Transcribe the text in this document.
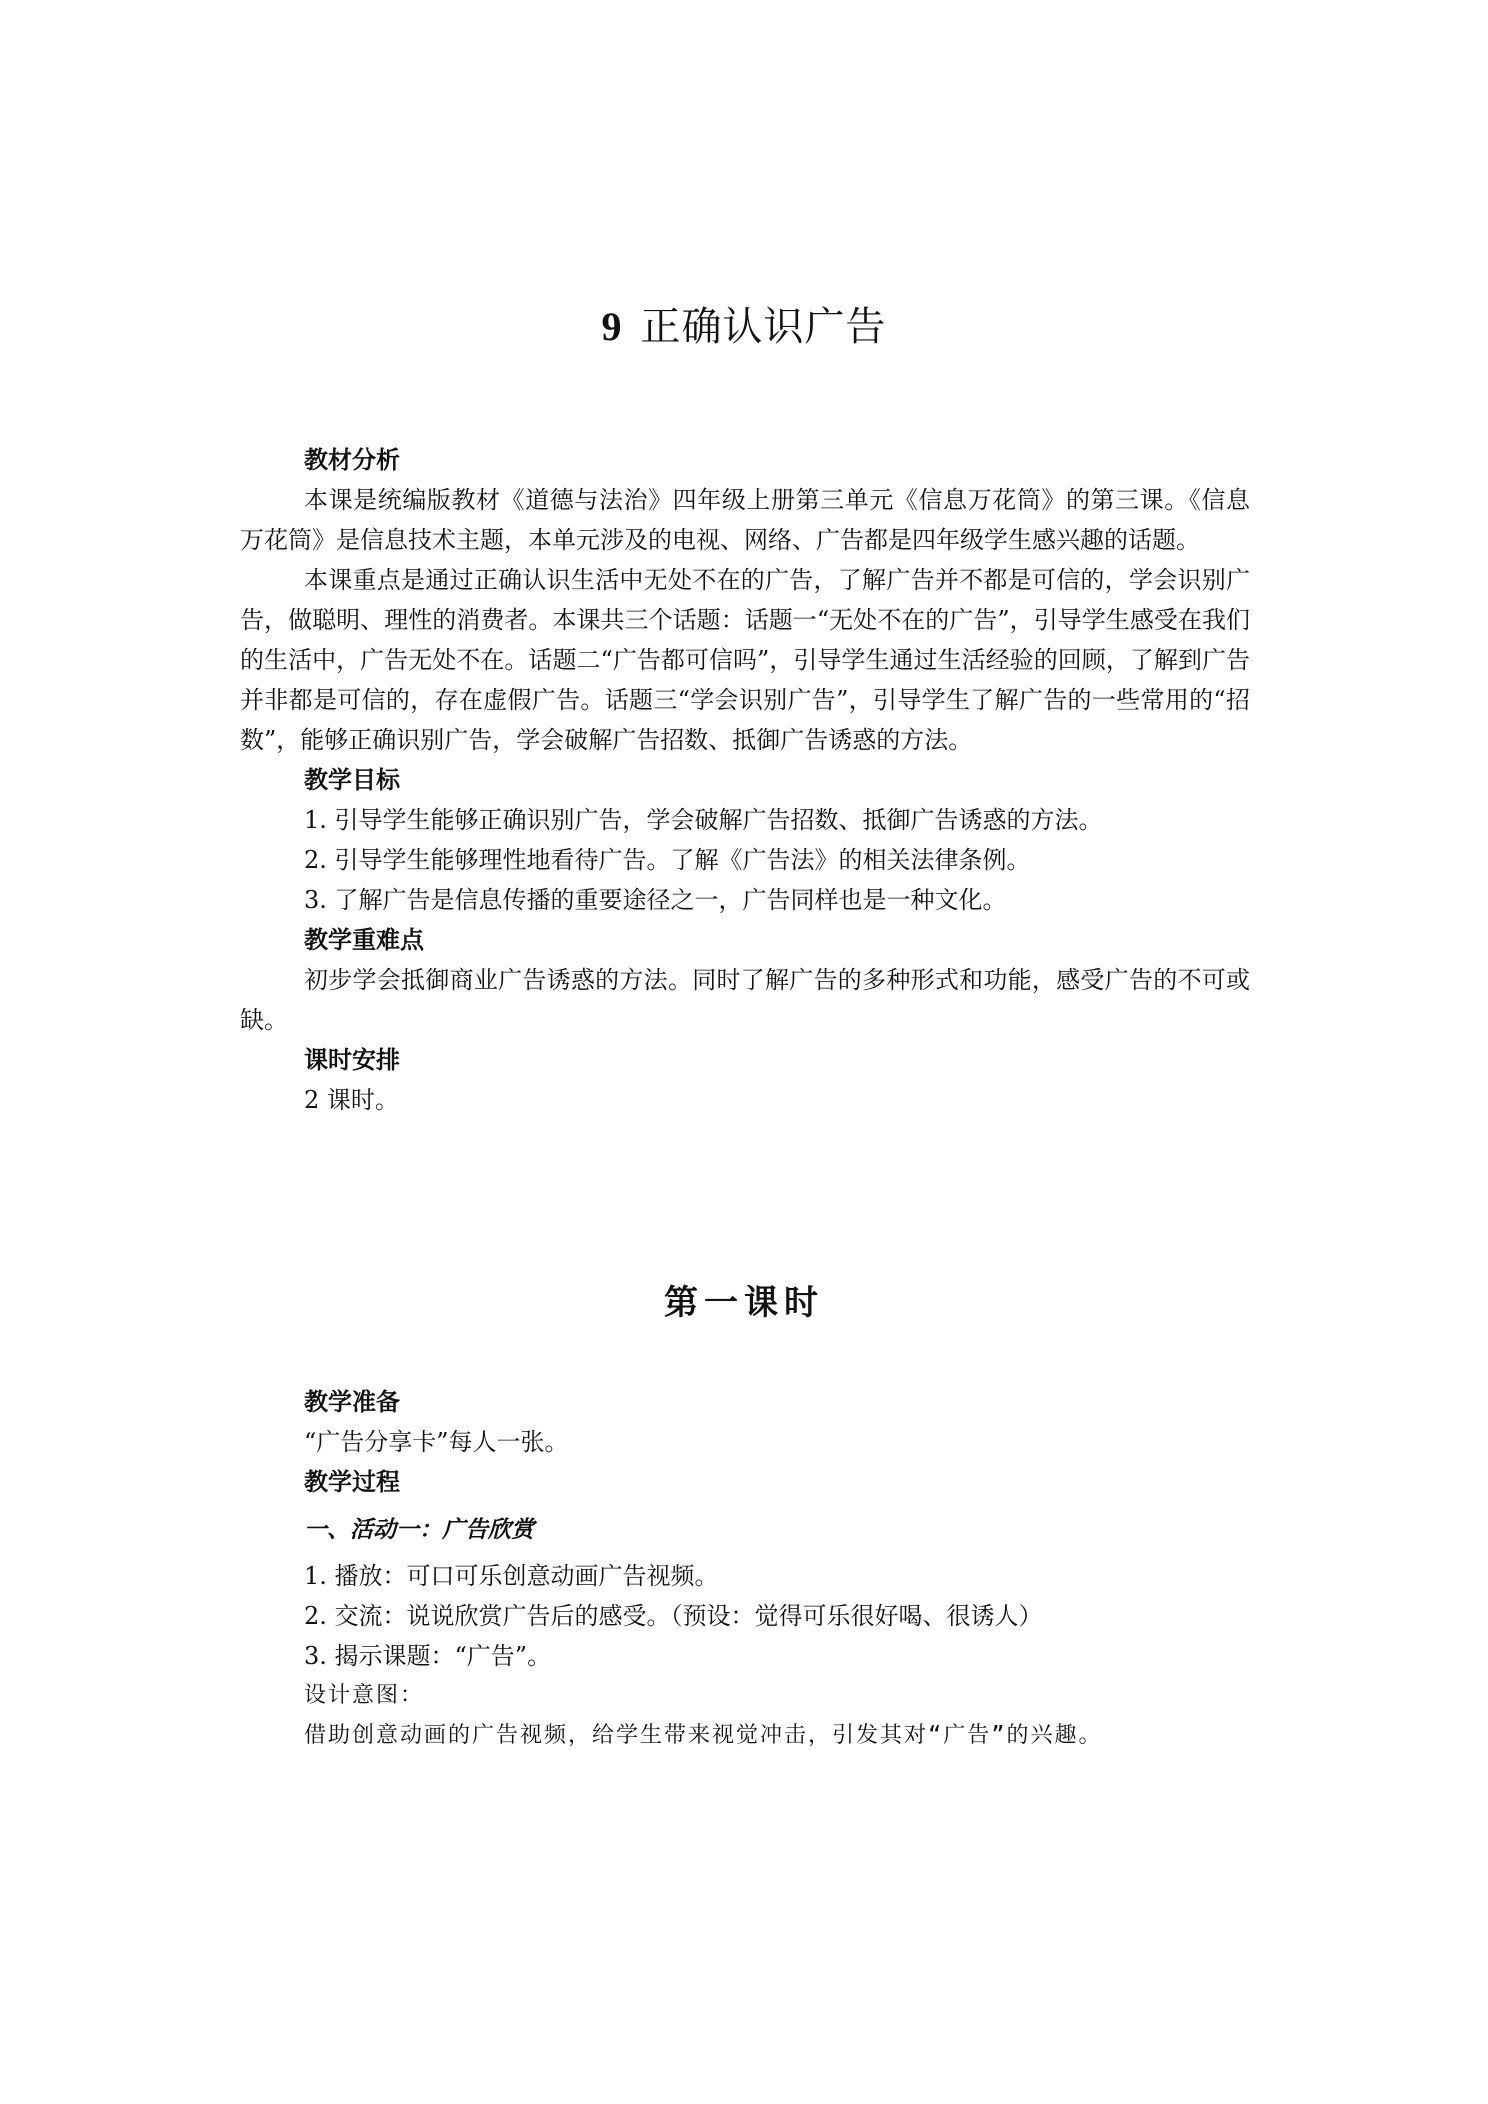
9 正确认识广告
教材分析

本课是统编版教材《道德与法治》四年级上册第三单元《信息万花筒》的第三课。《信息万花筒》是信息技术主题，本单元涉及的电视、网络、广告都是四年级学生感兴趣的话题。

本课重点是通过正确认识生活中无处不在的广告，了解广告并不都是可信的，学会识别广告，做聪明、理性的消费者。本课共三个话题：话题一“无处不在的广告”，引导学生感受在我们的生活中，广告无处不在。话题二“广告都可信吗”，引导学生通过生活经验的回顾，了解到广告并非都是可信的，存在虚假广告。话题三“学会识别广告”，引导学生了解广告的一些常用的“招数”，能够正确识别广告，学会破解广告招数、抵御广告诱惑的方法。

教学目标

1. 引导学生能够正确识别广告，学会破解广告招数、抵御广告诱惑的方法。

2. 引导学生能够理性地看待广告。了解《广告法》的相关法律条例。

3. 了解广告是信息传播的重要途径之一，广告同样也是一种文化。

教学重难点

初步学会抵御商业广告诱惑的方法。同时了解广告的多种形式和功能，感受广告的不可或缺。

课时安排

2 课时。

第一课时
教学准备

“广告分享卡”每人一张。

教学过程
一、活动一：广告欣赏

1. 播放：可口可乐创意动画广告视频。

2. 交流：说说欣赏广告后的感受。（预设：觉得可乐很好喝、很诱人）

3. 揭示课题：“广告”。

设计意图：
借助创意动画的广告视频，给学生带来视觉冲击，引发其对“广告”的兴趣。
